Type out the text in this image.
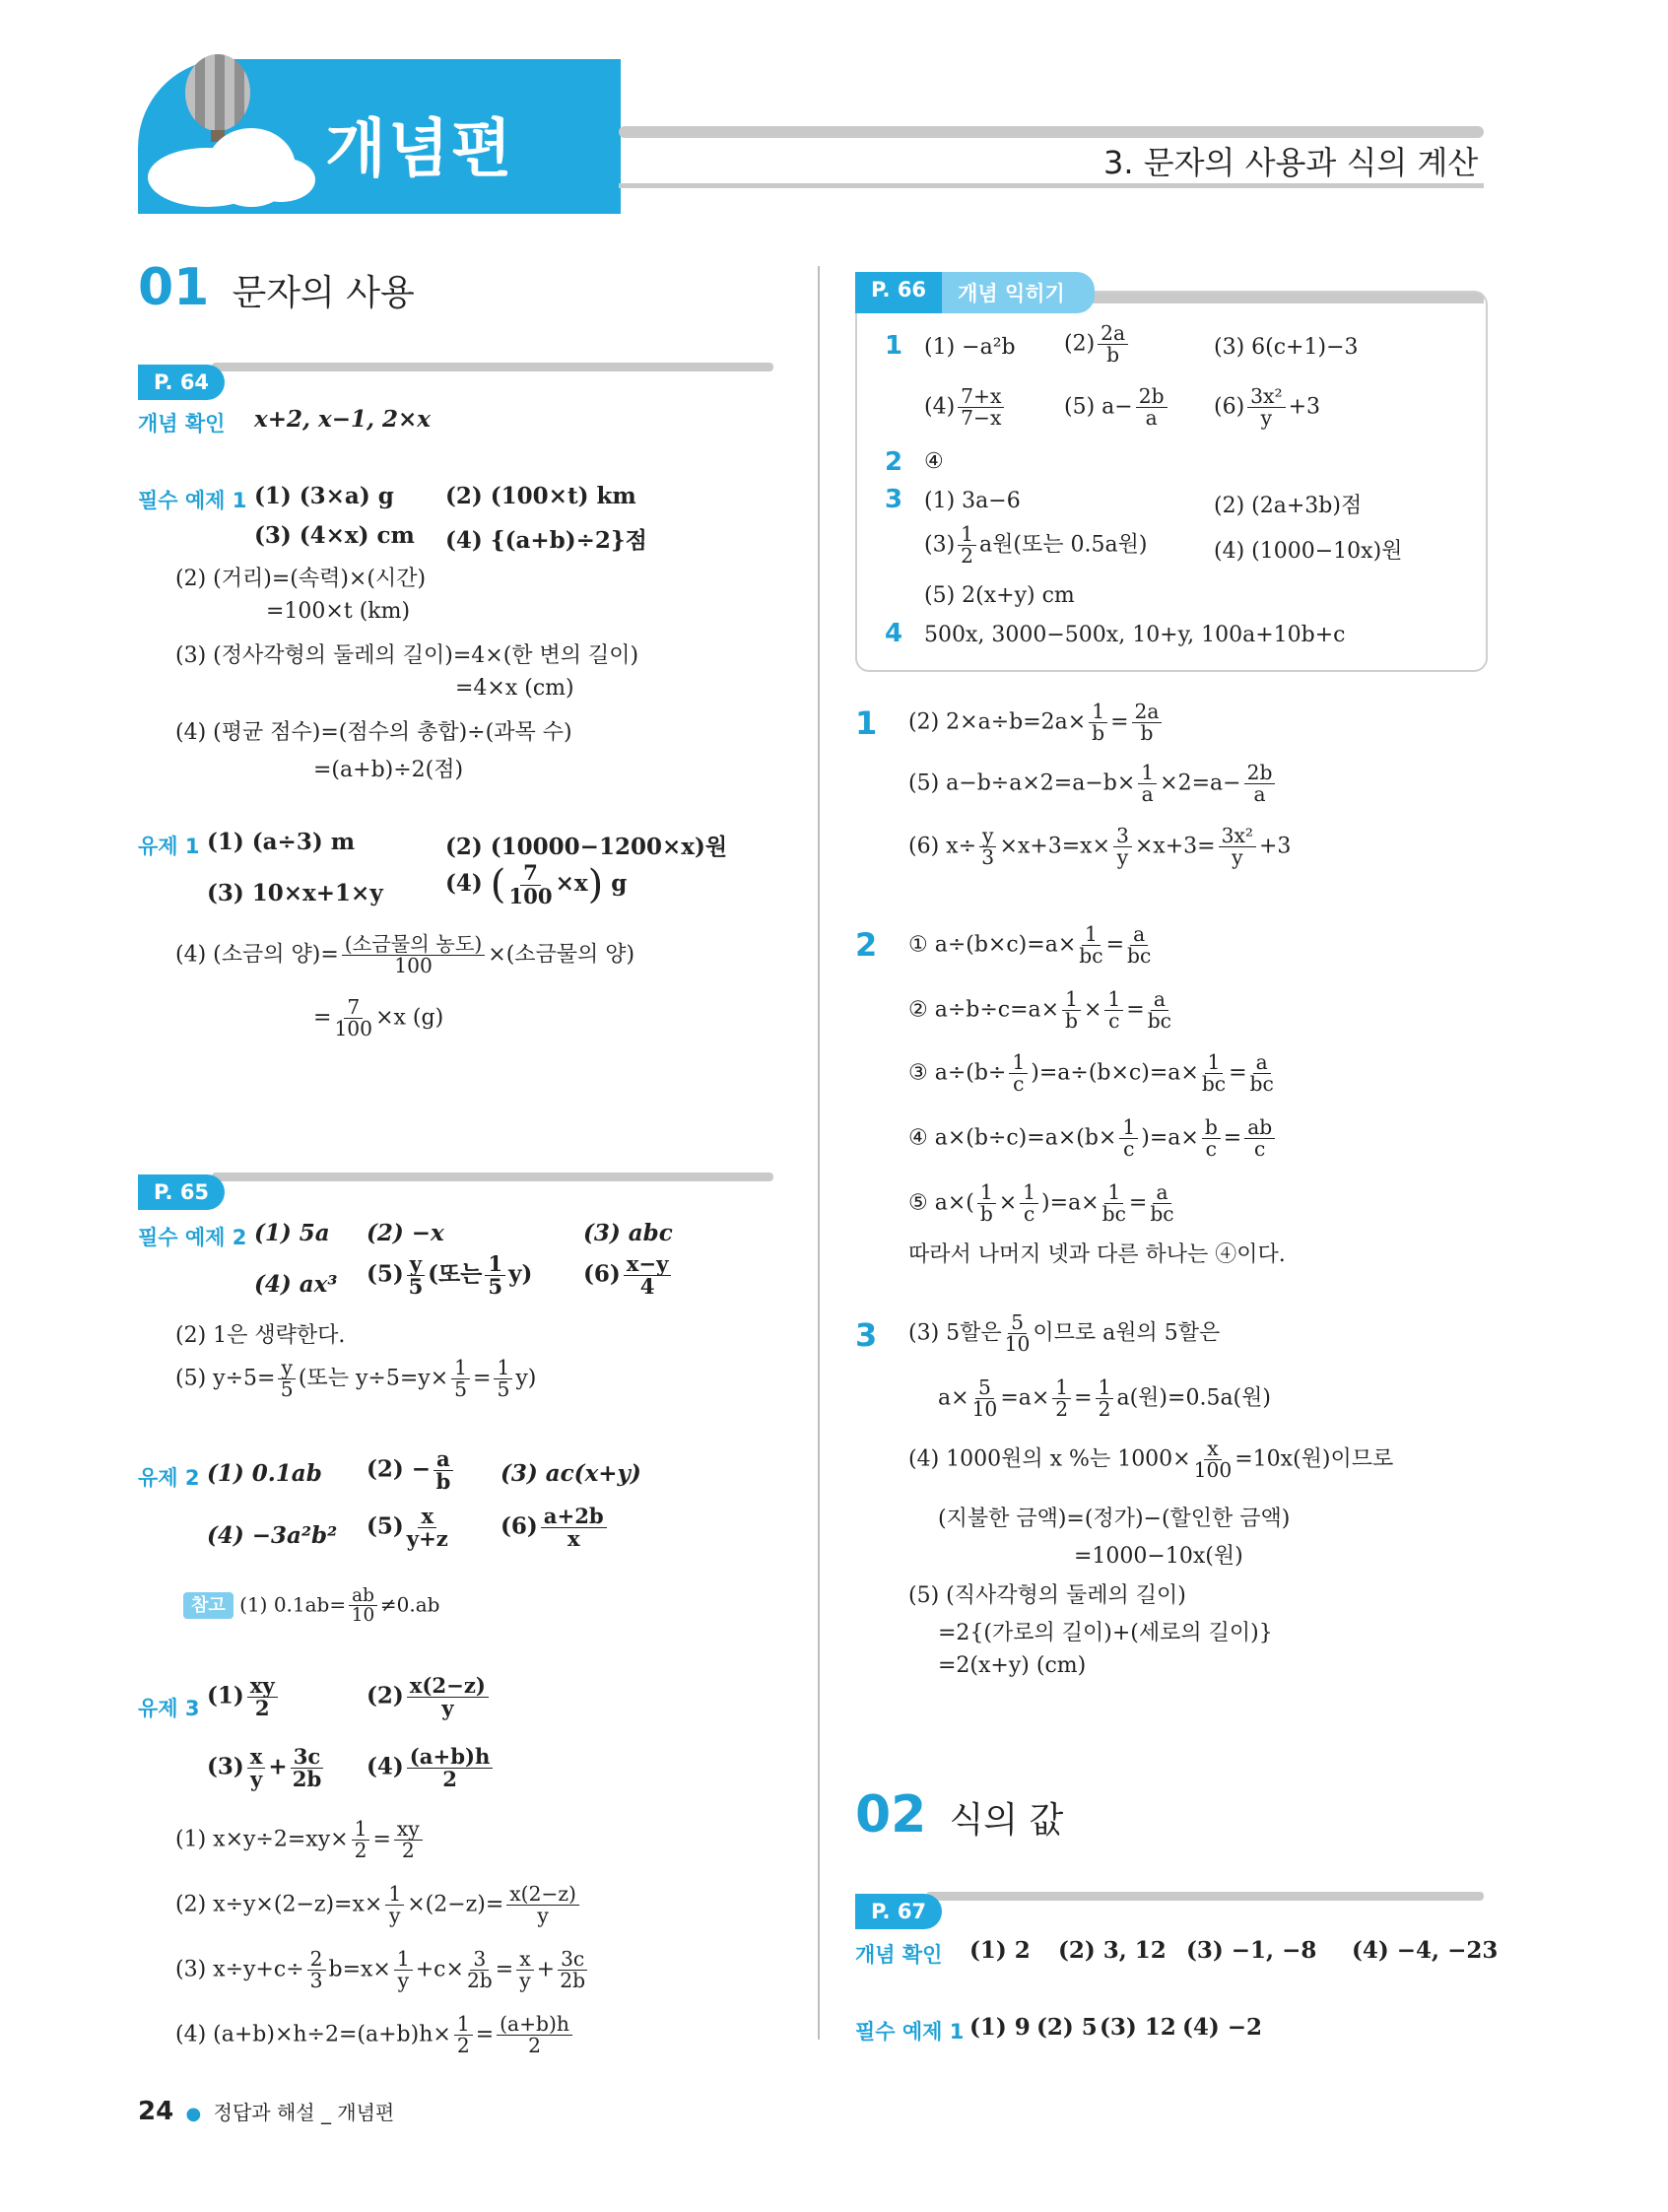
개념편	3. 문자의 사용과 식의 계산
01 문자의 사용
P. 64
개념 확인 x+2, x−1, 2×x
필수 예제 1 (1) (3×a) g (2) (100×t) km
(3) (4×x) cm (4) {(a+b)÷2}점
(2) (거리)=(속력)×(시간)
=100×t (km)
(3) (정사각형의 둘레의 길이)=4×(한 변의 길이)
=4×x (cm)
(4) (평균 점수)=(점수의 총합)÷(과목 수)
=(a+b)÷2(점)
유제 1 (1) (a÷3) m	(2) (10000−1200×x)원
(3) 10×x+1×y	(4) ( $\frac{7}{100} \times x$) g
(4) (소금의 양)= $\frac{\text{(소금물의 농도)}}{100}$ ×(소금물의 양)
= $\frac{7}{100} \times x$ (g)
P. 65
필수 예제 2 (1) 5a (2) −x	(3) abc
(4) ax³ $(5) \frac{y}{5}$ (또는 $\frac{1}{5} y$) $(6) \frac{x-y}{4}$
(2) 1은 생략한다.
(5) $y\div 5= \frac{y}{5}$ (또는 $y\div 5=y\times \frac{1}{5} = \frac{1}{5} y$)
유제 2 (1) 0.1ab $(2) - \frac{a}{b} (3)$ ac(x+y)
(4) −3a²b² $(5) \frac{x}{y+z} (6) \frac{a+2b}{x}$
참고 (1) $0.1ab= \frac{ab}{10} \ne 0.ab$
유제 3 $(1) \frac{xy}{2}$	$(2) \frac{x(2-z)}{y}$
$(3) \frac{x}{y} + \frac{3c}{2b} (4) \frac{(a+b)h}{2}$
(1) $x\times y\div 2=xy\times \frac{1}{2} = \frac{xy}{2}$
(2) $x\div y\times(2-z)=x\times \frac{1}{y} \times(2-z)= \frac{x(2-z)}{y}$
(3) $x\div y+c\div \frac{2}{3} b=x\times \frac{1}{y} +c\times \frac{3}{2b} = \frac{x}{y} + \frac{3c}{2b}$
(4) $(a+b)\times h\div 2=(a+b)h\times \frac{1}{2} = \frac{(a+b)h}{2}$
P. 66	개념 익히기
1 (1) −a²b $(2) \frac{2a}{b}$	(3) 6(c+1)−3
$(4) \frac{7+x}{7-x}$	(5) $a- \frac{2b}{a} (6) \frac{\text{3x²}}{y} +3$
2 ④
3 (1) 3a−6	(2) (2a+3b)점
$(3) \frac{1}{2}$ a원(또는 0.5a원)	(4) (1000−10x)원
(5) 2(x+y) cm
4 500x, 3000−500x, 10+y, 100a+10b+c
1 (2) $2\times a\div b=2a\times \frac{1}{b} = \frac{2a}{b}$
(5) $a-b\div a\times 2=a-b\times \frac{1}{a} \times 2=a- \frac{2b}{a}$
(6) $x\div \frac{y}{3} \times x+3=x\times \frac{3}{y} \times x+3= \frac{\text{3x²}}{y} +3$
2 ① $a\div(b\times c)=a\times \frac{1}{bc} = \frac{a}{bc}$
② $a\div b\div c=a\times \frac{1}{b} \times \frac{1}{c} = \frac{a}{bc}$
③ $a\div(b\div \frac{1}{c} )=a\div(b\times c)=a\times \frac{1}{bc} = \frac{a}{bc}$
④ $a\times(b\div c)=a\times(b\times \frac{1}{c} )=a\times \frac{b}{c} = \frac{ab}{c}$
⑤ $a\times( \frac{1}{b} \times \frac{1}{c} )=a\times \frac{1}{bc} = \frac{a}{bc}$
따라서 나머지 넷과 다른 하나는 ④이다.
3 (3) 5할은 $\frac{5}{10}$ 이므로 a원의 5할은
$a\times \frac{5}{10} =a\times \frac{1}{2} = \frac{1}{2} a$(원)=0.5a(원)
(4) 1000원의 x %는 $1000\times \frac{x}{100} =10x$(원)이므로
(지불한 금액)=(정가)−(할인한 금액)
=1000−10x(원)
(5) (직사각형의 둘레의 길이)
=2{(가로의 길이)+(세로의 길이)}
=2(x+y) (cm)
02 식의 값
P. 67
개념 확인 (1) 2 (2) 3, 12 (3) −1, −8 (4) −4, −23
필수 예제 1 (1) 9 (2) 5 (3) 12 (4) −2
24 ● 정답과 해설 _ 개념편
